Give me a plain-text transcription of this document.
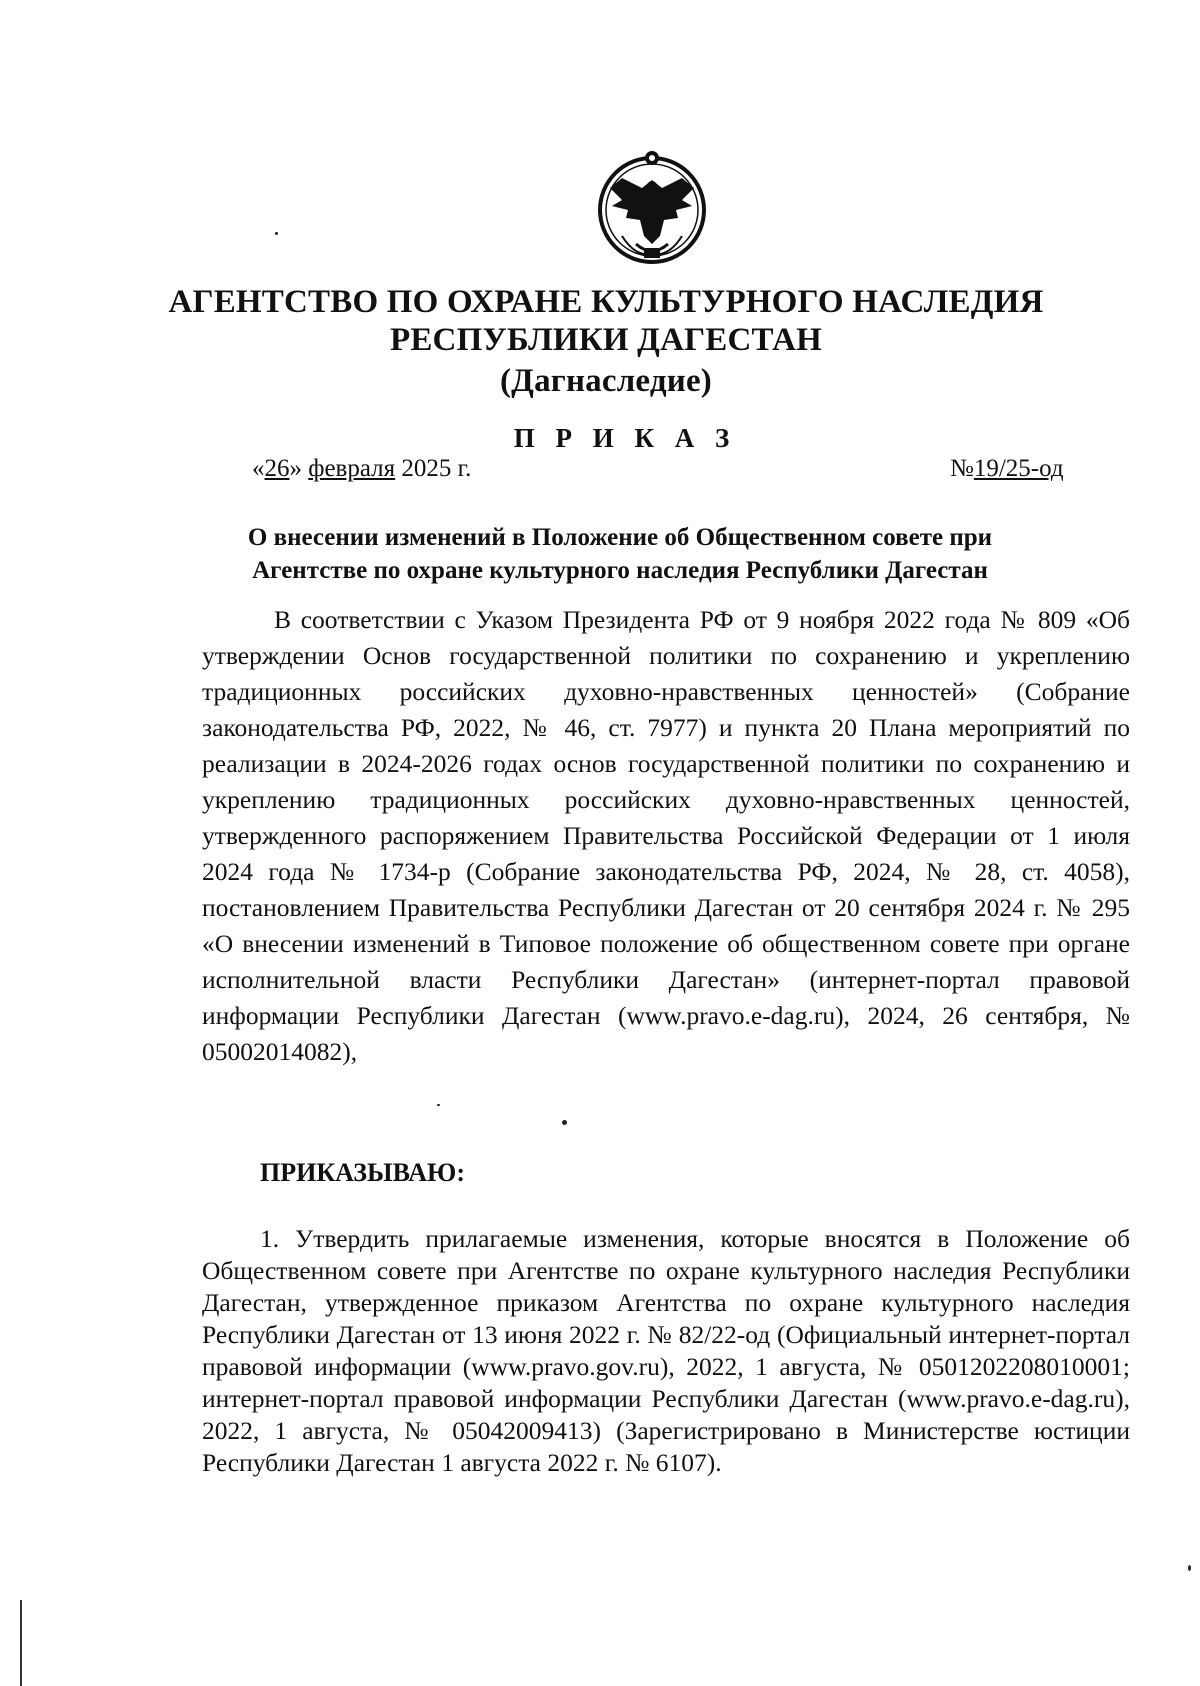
АГЕНТСТВО ПО ОХРАНЕ КУЛЬТУРНОГО НАСЛЕДИЯ
РЕСПУБЛИКИ ДАГЕСТАН
(Дагнаследие)
П Р И К А З
«26» февраля 2025 г.	№19/25-од
О внесении изменений в Положение об Общественном совете при
Агентстве по охране культурного наследия Республики Дагестан

В соответствии с Указом Президента РФ от 9 ноября 2022 года № 809 «Об утверждении Основ государственной политики по сохранению и укреплению традиционных российских духовно-нравственных ценностей» (Собрание законодательства РФ, 2022, № 46, ст. 7977) и пункта 20 Плана мероприятий по реализации в 2024-2026 годах основ государственной политики по сохранению и укреплению традиционных российских духовно-нравственных ценностей, утвержденного распоряжением Правительства Российской Федерации от 1 июля 2024 года № 1734-р (Собрание законодательства РФ, 2024, № 28, ст. 4058), постановлением Правительства Республики Дагестан от 20 сентября 2024 г. № 295 «О внесении изменений в Типовое положение об общественном совете при органе исполнительной власти Республики Дагестан» (интернет-портал правовой информации Республики Дагестан (www.pravo.e-dag.ru), 2024, 26 сентября, № 05002014082),

ПРИКАЗЫВАЮ:

1. Утвердить прилагаемые изменения, которые вносятся в Положение об Общественном совете при Агентстве по охране культурного наследия Республики Дагестан, утвержденное приказом Агентства по охране культурного наследия Республики Дагестан от 13 июня 2022 г. № 82/22-од (Официальный интернет-портал правовой информации (www.pravo.gov.ru), 2022, 1 августа, № 0501202208010001; интернет-портал правовой информации Республики Дагестан (www.pravo.e-dag.ru), 2022, 1 августа, № 05042009413) (Зарегистрировано в Министерстве юстиции Республики Дагестан 1 августа 2022 г. № 6107).
